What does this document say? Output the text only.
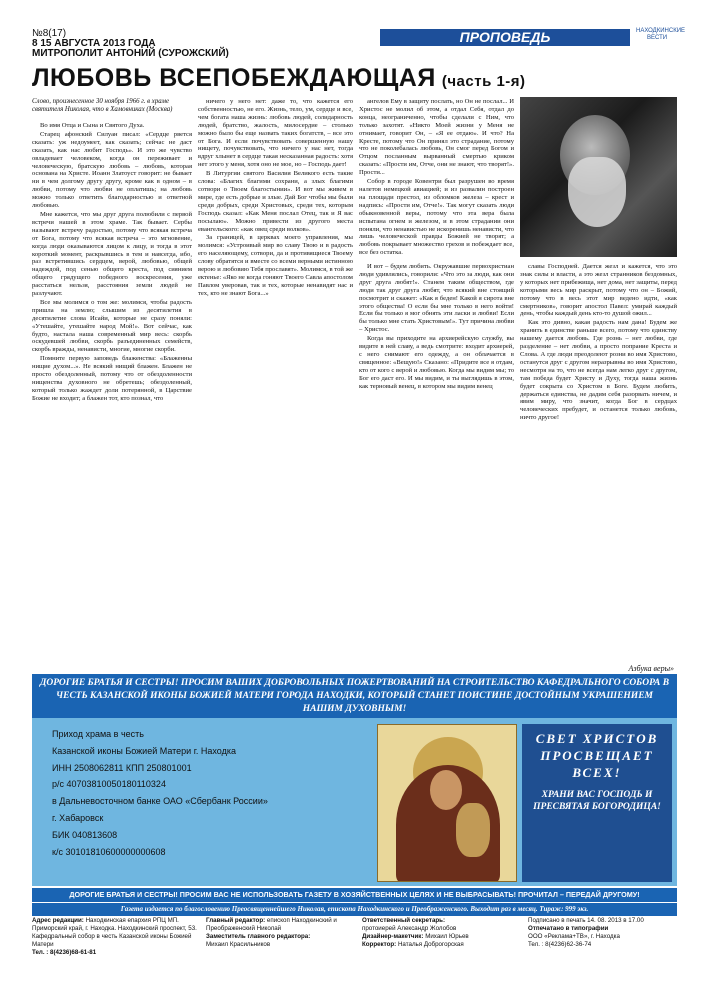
№8(17)
8 15 АВГУСТА 2013 ГОДА	ПРОПОВЕДЬ	НАХОДКИНСКИЕ ВЕСТИ
МИТРОПОЛИТ АНТОНИЙ (СУРОЖСКИЙ)
ЛЮБОВЬ ВСЕПОБЕЖДАЮЩАЯ (часть 1-я)
Слово, произнесенное 30 ноября 1966 г. в храме святителя Николая, что в Хамовниках (Москва)

Во имя Отца и Сына и Святого Духа.

Старец афонский Силуан писал: «Сердце рвется сказать: уж недоумеет, как сказать; сейчас не даст сказать, как нас любит Господь». И это же чувство овладевает человеком, когда он переживает и человеческую, братскую любовь – любовь, которая основана на Христе. Иоанн Златоуст говорит: не бывает ни в чем долгому другу другу, кроме как в одном – в любви, потому что любви не оплатишь; на любовь можно только ответить благодарностью и ответной любовью.

Мне кажется, что мы друг друга полюбили с первой встречи нашей в этом храме. Так бывает. Сербы называют встречу радостью, потому что всякая встреча от Бога, потому что всякая встреча – это мгновение, когда люди оказываются лицом к лицу, и тогда в этот короткий момент, раскрывшись в тем и навсегда, ибо, раз встретившись сердцем, верой, любовью, общей надеждой, под сенью общего креста, под сиянием общего грядущего победного воскресения, уже расстаться нельзя, расстояния земли людей не разлучают.

Все мы молимся о том же: молимся, чтобы радость пришла на землю; слышим из десятилетия в десятилетие слова Исайи, которые не сразу поняли: «Утешайте, утешайте народ Мой!». Вот сейчас, как будто, настала наша современный мир весь: скорбь оскудевшей любви, скорбь разъединенных семейств, скорбь вражды, ненависти, многие, многие скорби.

Помните первую заповедь блаженства: «Блаженны нищие духом...». Не всякий нищий блажен. Блажен не просто обездоленный, потому что от обездоленности нищенства духовного не обретешь; обездоленный, который только жаждет доли потерянной, в Царствие Божие не входит; а блажен тот, кто познал, что

ничего у него нет: даже то, что кажется его собственностью, не его. Жизнь, тело, ум, сердце и все, чем богата наша жизнь: любовь людей, солидарность людей, братство, жалость, милосердие – столько можно было бы еще назвать таких богатств, – все это от Бога. И если почувствовать совершенную нашу нищету, почувствовать, что ничего у нас нет, тогда вдруг хлынет в сердце такая несказанная радость: хотя нет этого у меня, хотя оно не мое, но – Господь дает!

В Литургии святого Василия Великого есть такие слова: «Благих благими сохрани, а злых благими сотвори о Твоем благостынии». И вот мы живем в мире, где есть добрые и злые. Дай Бог чтобы мы были среди добрых, среди Христовых, среди тех, которым Господь сказал: «Как Меня послал Отец, так и Я вас посылаю». Можно привести из другого места евангельского: «как овец среди волков».

За границей, в церквах моего управления, мы молимся: «Устроивый мир во славу Твою и в радость его населяющему, сотвори, да и противящиеся Твоему слову обратятся и вместе со всеми верными истинною верою и любовию Тебя прославят». Молимся, в той же ектенье: «Яко не когда гоняют Твоего Савла апостолом Павлом уверовав, так и тех, которые ненавидят нас и тех, кто не знают Бога...»

ангелов Ему в защиту послать, но Он не послал... И Христос не молил об этом, а отдал Себя, отдал до конца, неограниченно, чтобы сделали с Ним, что только захотят. «Никто Моей жизни у Меня не отнимает, говорит Он, – «Я ее отдаю». И что? На Кресте, потому что Он принял это страдание, потому что не поколебалась любовь, Он смог перед Богом и Отцом посланным вырванный смертью криком сказать: «Прости им, Отче, они не знают, что творят!». Прости...

Собор в городе Ковентри был разрушен во время налетов немецкой авиацией; и из развалин построен на площади престол, из обломков железа – крест и надпись: «Прости им, Отче!». Так могут сказать люди обыкновенной веры, потому что эта вера была испытана огнем и железом, и в этом страдании они поняли, что ненавистью не искоренишь ненависти, что лишь человеческой правды Божией не творят; а любовь покрывает множество грехов и побеждает все, все без остатка.

И вот – будем любить. Окружавшие первохристиан люди удивлялись, говорили: «Что это за люди, как они друг друга любят!». Станем таким обществом, где люди так друг друга любят, что всякий вне стоящий посмотрит и скажет: «Как я беден! Какой я сирота вне этого общества! О если бы мне только в него войти! Если бы только я мог обнять эти ласки и любви! Если бы только мне стать Христовым!». Тут причина любви – Христос.

Когда вы приходите на архиерейскую службу, вы видите в ней славу, а ведь смотрите: входит архиерей, с него снимают его одежду, а он облачается в священное: «Вещую!» Сказано: «Придите все я отдам, кто от кого с верой и любовью. Когда мы видим мы; то Бог его даст его. И мы видим, и ты выглядишь в этом, как терновый венец, в котором мы видим венец

славы Господней. Дается жезл и кажется, что это знак силы и власти, а это жезл странников бездомных, у которых нет прибежища, нет дома, нет защиты, перед которыми весь мир раскрыт, потому что он – Божий, потому что в весь этот мир ведено идти, «как смертников», говорит апостол Павел: умирай каждый день, чтобы каждый день кто-то душой ожил...

Как это дивно, какая радость нам дана! Будем же хранить в единстве раньше всего, потому что единству нашему дается любовь. Где рознь – нет любви, где разделение – нет любви, а просто попрание Креста и Слова. А где люди преодолеют розни во имя Христово, останутся друг с другом неразрывны во имя Христово, несмотря на то, что не всегда нам легко друг с другом, там победа будет Христу и Духу, тогда наша жизнь будет сокрыта со Христом в Боге. Будем любить, держаться единства, не дадим себя разорвать ничем, и явим миру, что значит, когда Бог в сердцах человеческих пребудет, и останется только любовь, ничто другое!

Азбука веры»
ДОРОГИЕ БРАТЬЯ И СЕСТРЫ! ПРОСИМ ВАШИХ ДОБРОВОЛЬНЫХ ПОЖЕРТВОВАНИЙ НА СТРОИТЕЛЬСТВО КАФЕДРАЛЬНОГО СОБОРА В ЧЕСТЬ КАЗАНСКОЙ ИКОНЫ БОЖИЕЙ МАТЕРИ ГОРОДА НАХОДКИ, КОТОРЫЙ СТАНЕТ ПОИСТИНЕ ДОСТОЙНЫМ УКРАШЕНИЕМ НАШИМ ДУХОВНЫМ!
Приход храма в честь
Казанской иконы Божией Матери г. Находка
ИНН 2508062811 КПП 250801001
р/с 40703810050180110324
в Дальневосточном банке ОАО «Сбербанк России»
г. Хабаровск
БИК 040813608
к/с 30101810600000000608
СВЕТ ХРИСТОВ ПРОСВЕЩАЕТ ВСЕХ!
ХРАНИ ВАС ГОСПОДЬ И ПРЕСВЯТАЯ БОГОРОДИЦА!
ДОРОГИЕ БРАТЬЯ И СЕСТРЫ! ПРОСИМ ВАС НЕ ИСПОЛЬЗОВАТЬ ГАЗЕТУ В ХОЗЯЙСТВЕННЫХ ЦЕЛЯХ И НЕ ВЫБРАСЫВАТЬ! ПРОЧИТАЛ – ПЕРЕДАЙ ДРУГОМУ!
Газета издается по благословению Преосвященнейшего Николая, епископа Находкинского и Преображенского. Выходит раз в месяц. Тираж: 999 экз.
Адрес редакции: Находкинская епархия РПЦ МП. Приморский край, г. Находка. Находкинский проспект, 53. Кафедральный собор в честь Казанской иконы Божией Матери
Тел. : 8(4236)68-61-81
Главный редактор: епископ Находкинский и Преображенский Николай
Заместитель главного редактора:
Михаил Красильников
Ответственный секретарь:
протоиерей Александр Жолобов
Дизайнер-макетчик: Михаил Юрьев
Корректор: Наталья Доброгорская
Подписано в печать 14. 08. 2013 в 17.00
Отпечатано в типографии
ООО «Рекламa+ТВ», г. Находка
Тел. : 8(4236)62-36-74
